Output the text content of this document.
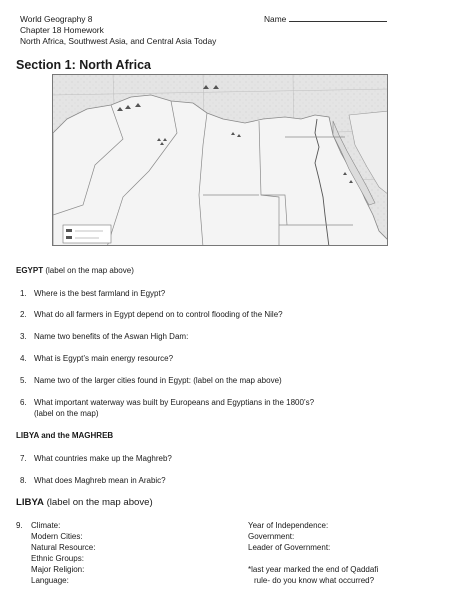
World Geography 8	Name
Chapter 18 Homework
North Africa, Southwest Asia, and Central Asia Today
Section 1: North Africa
EGYPT (label on the map above)
1. Where is the best farmland in Egypt?
2. What do all farmers in Egypt depend on to control flooding of the Nile?
3. Name two benefits of the Aswan High Dam:
4. What is Egypt’s main energy resource?
5. Name two of the larger cities found in Egypt: (label on the map above)
6. What important waterway was built by Europeans and Egyptians in the 1800’s?
(label on the map)
LIBYA and the MAGHREB
7. What countries make up the Maghreb?
8. What does Maghreb mean in Arabic?
LIBYA (label on the map above)
9. Climate:
Modern Cities:
Natural Resource:
Ethnic Groups:
Major Religion:
Language:
Year of Independence:
Government:
Leader of Government:
*last year marked the end of Qaddafi
rule- do you know what occurred?
